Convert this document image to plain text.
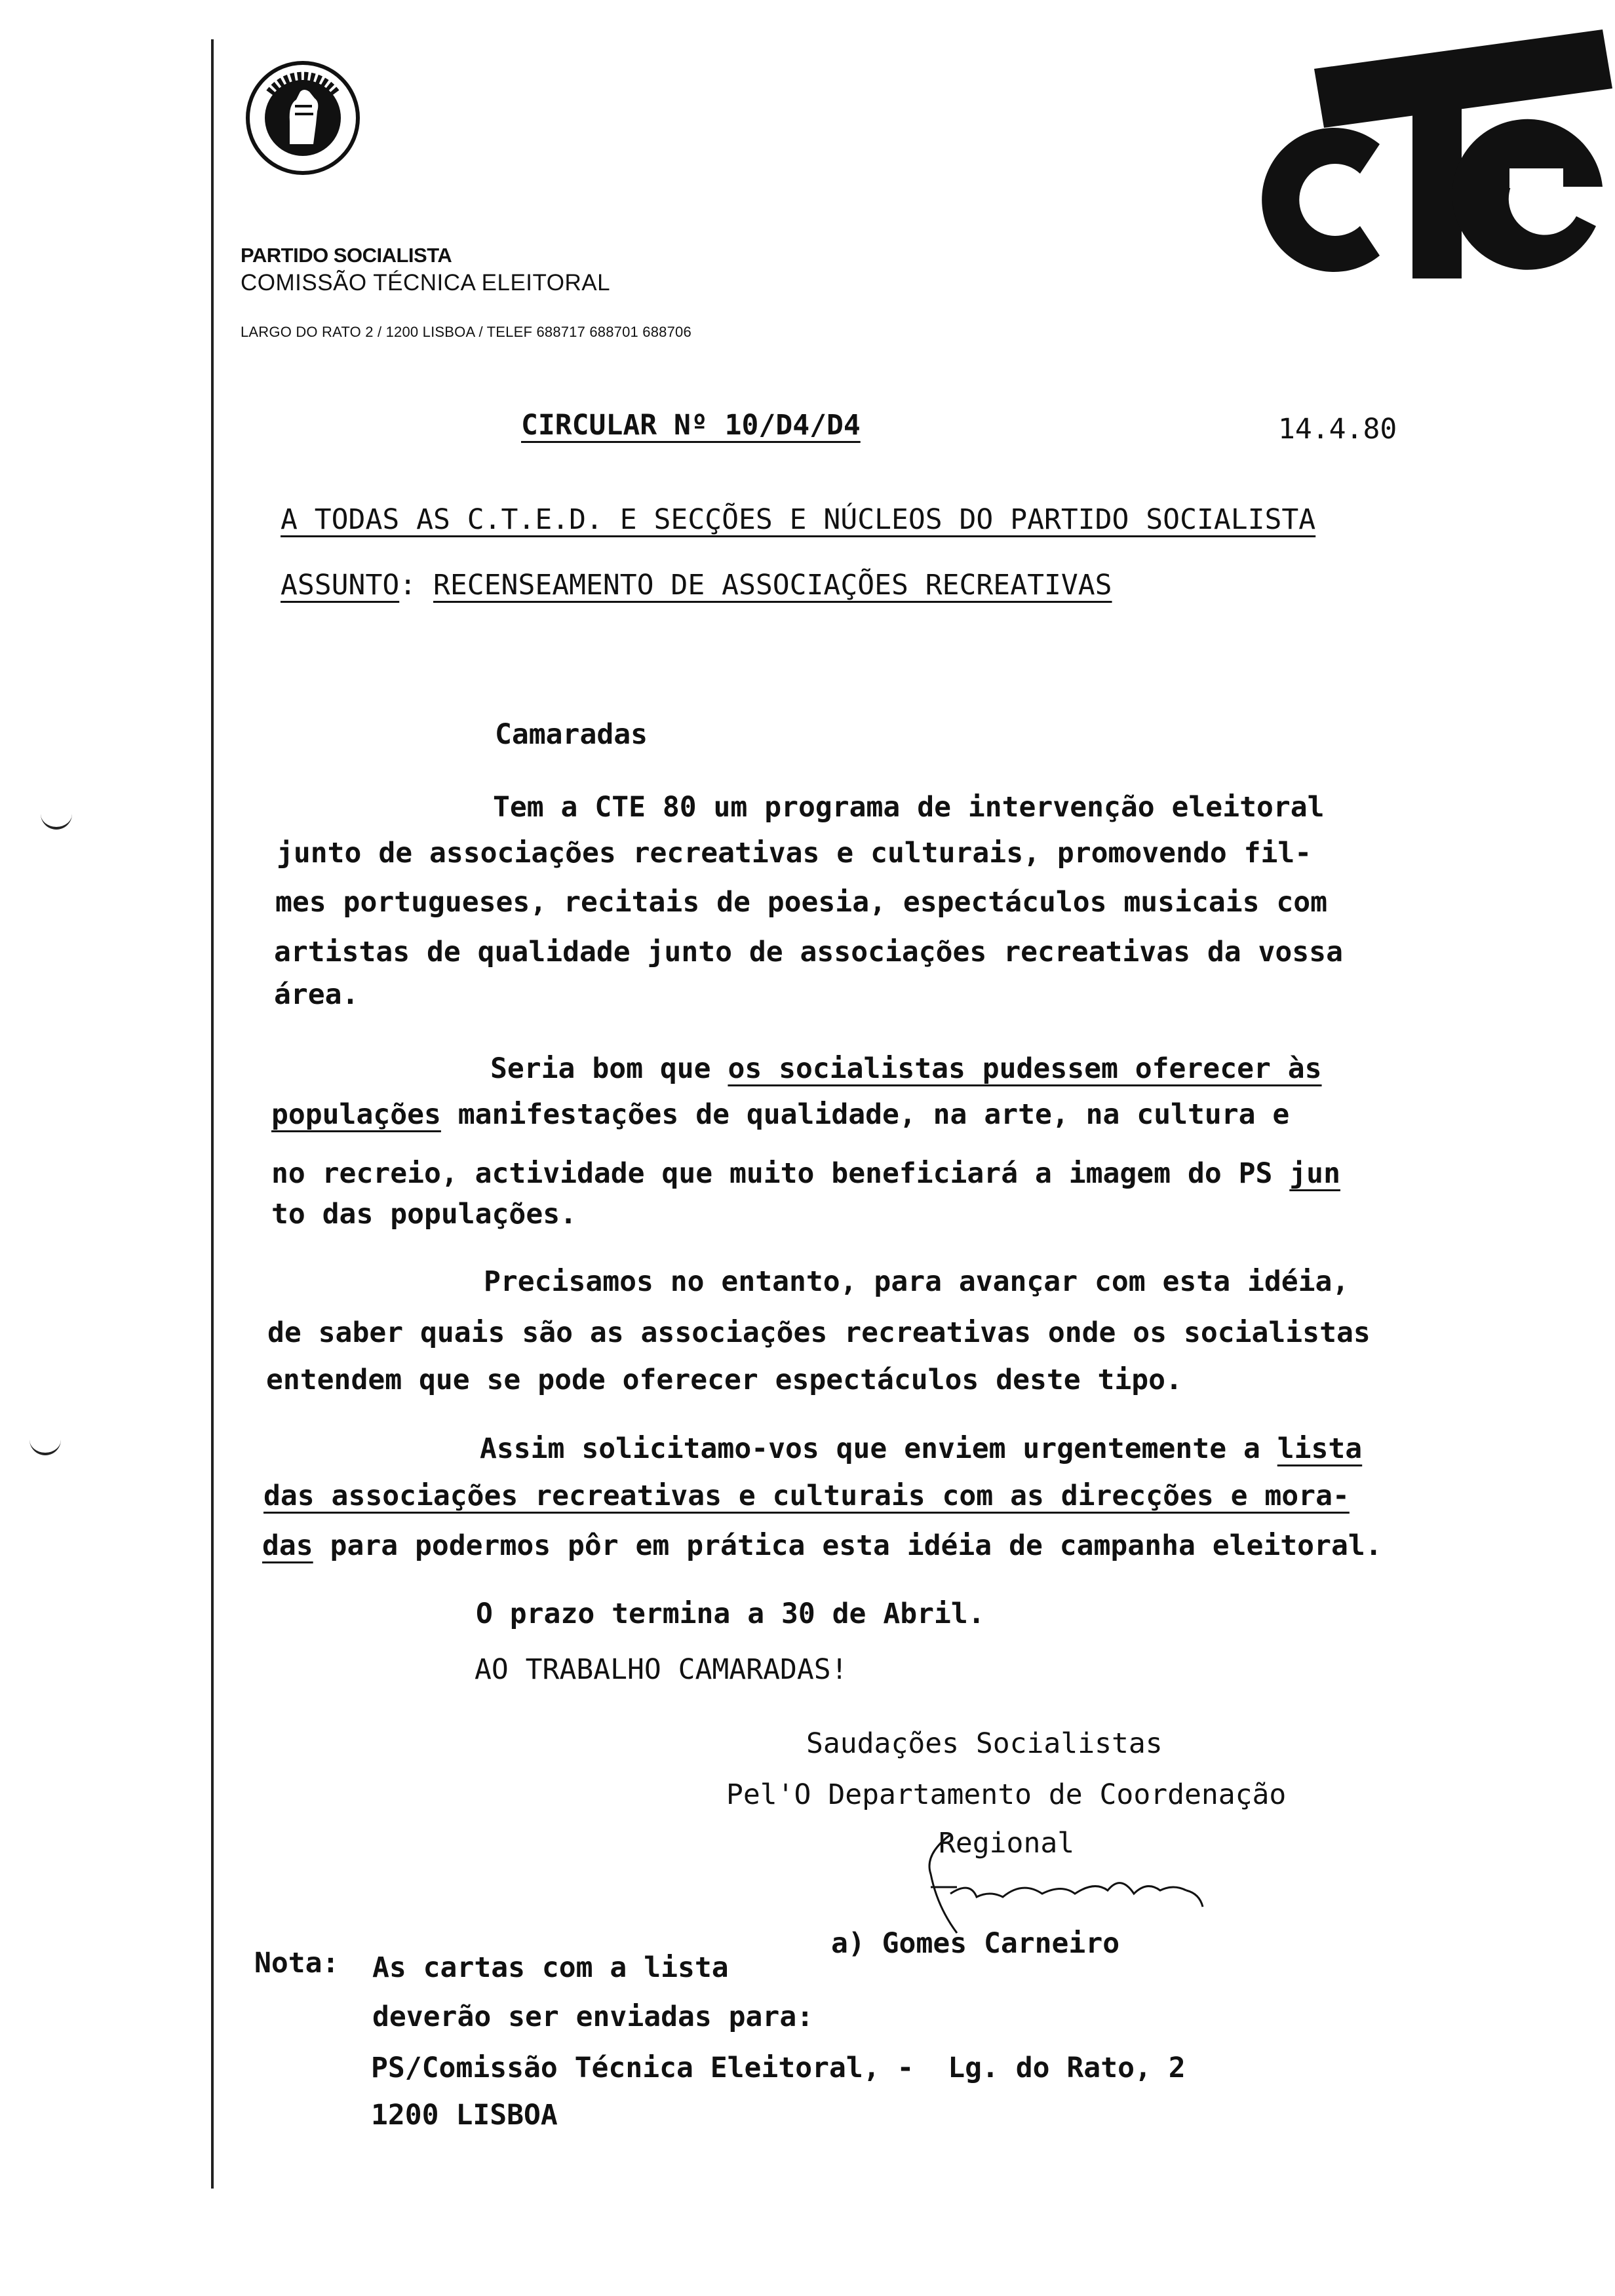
PARTIDO SOCIALISTA
COMISSÃO TÉCNICA ELEITORAL
LARGO DO RATO 2 / 1200 LISBOA / TELEF 688717 688701 688706
CIRCULAR Nº 10/D4/D4	14.4.80
A TODAS AS C.T.E.D. E SECÇÕES E NÚCLEOS DO PARTIDO SOCIALISTA
ASSUNTO: RECENSEAMENTO DE ASSOCIAÇÕES RECREATIVAS
Camaradas
Tem a CTE 80 um programa de intervenção eleitoral
junto de associações recreativas e culturais, promovendo fil-
mes portugueses, recitais de poesia, espectáculos musicais com
artistas de qualidade junto de associações recreativas da vossa
área.
Seria bom que os socialistas pudessem oferecer às
populações manifestações de qualidade, na arte, na cultura e
no recreio, actividade que muito beneficiará a imagem do PS jun
to das populações.
Precisamos no entanto, para avançar com esta idéia,
de saber quais são as associações recreativas onde os socialistas
entendem que se pode oferecer espectáculos deste tipo.
Assim solicitamo-vos que enviem urgentemente a lista
das associações recreativas e culturais com as direcções e mora-
das para podermos pôr em prática esta idéia de campanha eleitoral.
O prazo termina a 30 de Abril.
AO TRABALHO CAMARADAS!
Saudações Socialistas
Pel'O Departamento de Coordenação
Regional
a) Gomes Carneiro
Nota: As cartas com a lista
deverão ser enviadas para:
PS/Comissão Técnica Eleitoral, -  Lg. do Rato, 2
1200 LISBOA
